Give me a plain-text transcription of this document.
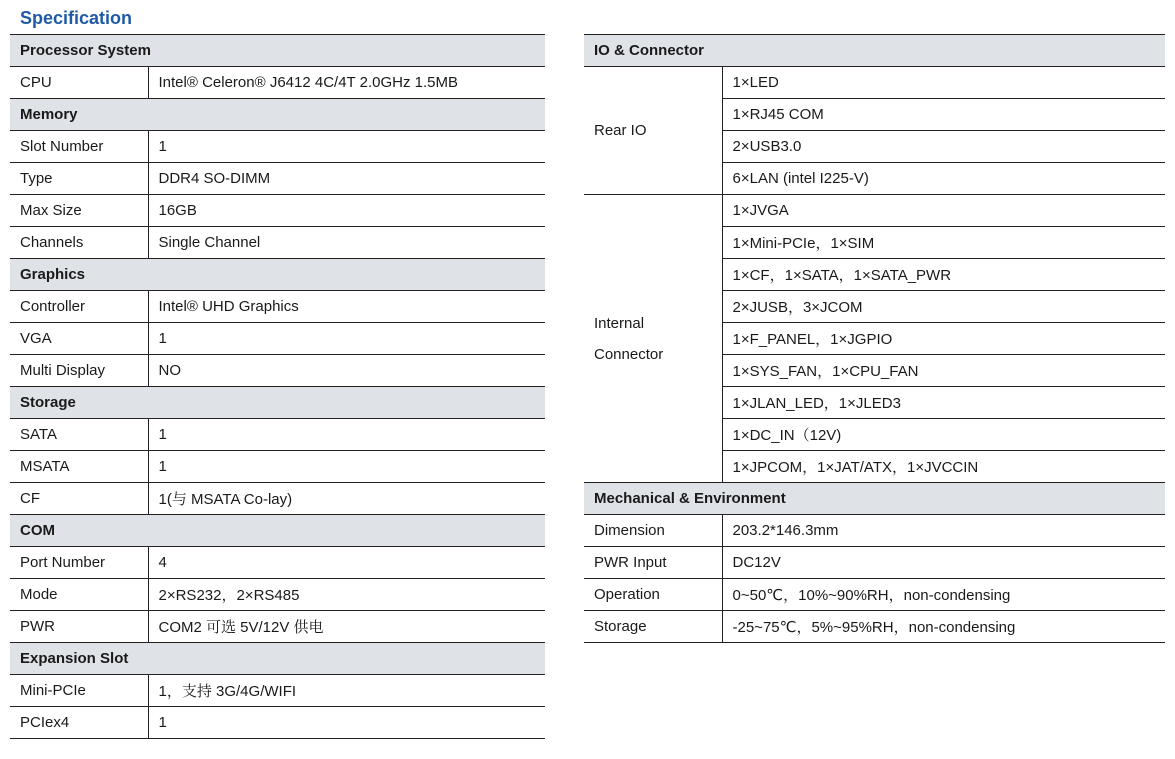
Specification
Processor System	
CPU	Intel® Celeron® J6412 4C/4T 2.0GHz 1.5MB
Memory	
Slot Number	1
Type	DDR4 SO-DIMM
Max Size	16GB
Channels	Single Channel
Graphics	
Controller	Intel® UHD Graphics
VGA	1
Multi Display	NO
Storage	
SATA	1
MSATA	1
CF	1(与 MSATA Co-lay)
COM	
Port Number	4
Mode	2×RS232，2×RS485
PWR	COM2 可选 5V/12V 供电
Expansion Slot	
Mini-PCIe	1，支持 3G/4G/WIFI
PCIex4	1
IO & Connector	
Rear IO	1×LED
	1×RJ45 COM
	2×USB3.0
	6×LAN (intel I225-V)

Internal
Connector	1×JVGA
	1×Mini-PCIe，1×SIM
	1×CF，1×SATA，1×SATA_PWR
	2×JUSB，3×JCOM
	1×F_PANEL，1×JGPIO
	1×SYS_FAN，1×CPU_FAN
	1×JLAN_LED，1×JLED3
	1×DC_IN（12V)
	1×JPCOM，1×JAT/ATX，1×JVCCIN
Mechanical & Environment	
Dimension	203.2*146.3mm
PWR Input	DC12V
Operation	0~50℃，10%~90%RH，non-condensing
Storage	-25~75℃，5%~95%RH，non-condensing
